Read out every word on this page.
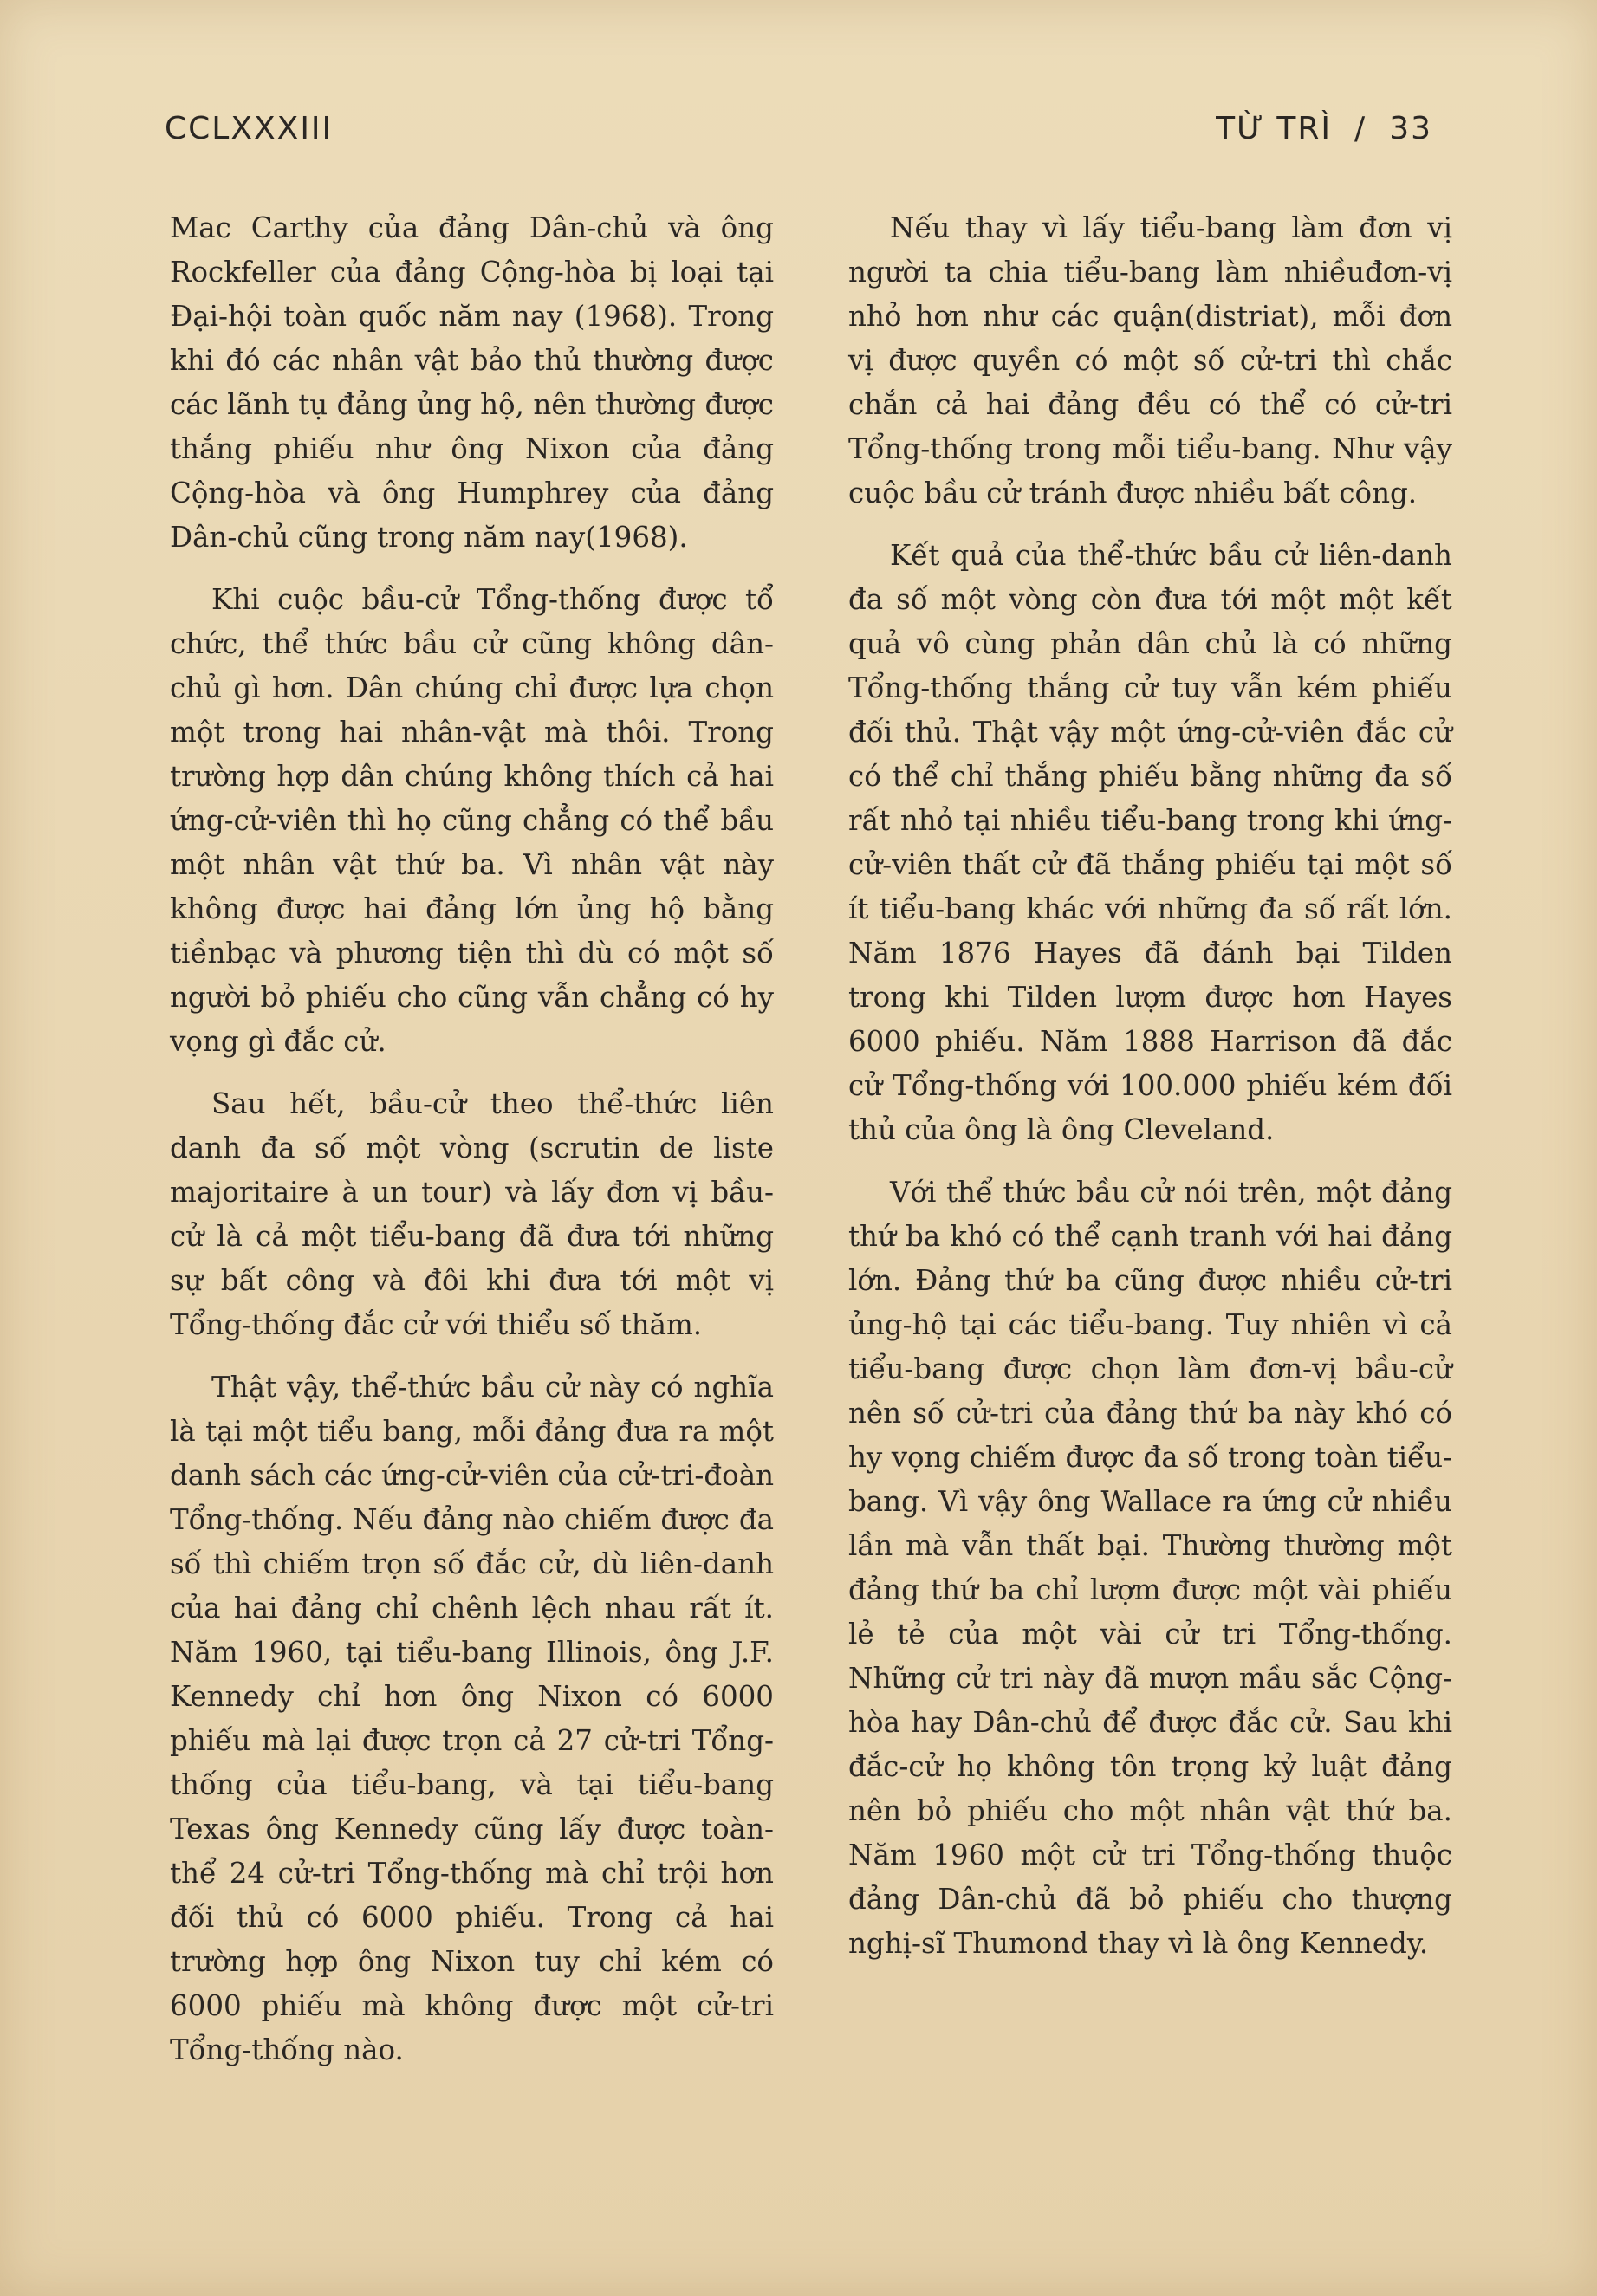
CCLXXXIII	TỪ TRÌ / 33

Mac Carthy của đảng Dân-chủ và ông Rockfeller của đảng Cộng-hòa bị loại tại Đại-hội toàn quốc năm nay (1968). Trong khi đó các nhân vật bảo thủ thường được các lãnh tụ đảng ủng hộ, nên thường được thắng phiếu như ông Nixon của đảng Cộng-hòa và ông Humphrey của đảng Dân-chủ cũng trong năm nay(1968).

Khi cuộc bầu-cử Tổng-thống được tổ chức, thể thức bầu cử cũng không dân-chủ gì hơn. Dân chúng chỉ được lựa chọn một trong hai nhân-vật mà thôi. Trong trường hợp dân chúng không thích cả hai ứng-cử-viên thì họ cũng chẳng có thể bầu một nhân vật thứ ba. Vì nhân vật này không được hai đảng lớn ủng hộ bằng tiềnbạc và phương tiện thì dù có một số người bỏ phiếu cho cũng vẫn chẳng có hy vọng gì đắc cử.

Sau hết, bầu-cử theo thể-thức liên danh đa số một vòng (scrutin de liste majoritaire à un tour) và lấy đơn vị bầu-cử là cả một tiểu-bang đã đưa tới những sự bất công và đôi khi đưa tới một vị Tổng-thống đắc cử với thiểu số thăm.

Thật vậy, thể-thức bầu cử này có nghĩa là tại một tiểu bang, mỗi đảng đưa ra một danh sách các ứng-cử-viên của cử-tri-đoàn Tổng-thống. Nếu đảng nào chiếm được đa số thì chiếm trọn số đắc cử, dù liên-danh của hai đảng chỉ chênh lệch nhau rất ít. Năm 1960, tại tiểu-bang Illinois, ông J.F. Kennedy chỉ hơn ông Nixon có 6000 phiếu mà lại được trọn cả 27 cử-tri Tổng-thống của tiểu-bang, và tại tiểu-bang Texas ông Kennedy cũng lấy được toàn-thể 24 cử-tri Tổng-thống mà chỉ trội hơn đối thủ có 6000 phiếu. Trong cả hai trường hợp ông Nixon tuy chỉ kém có 6000 phiếu mà không được một cử-tri Tổng-thống nào.

Nếu thay vì lấy tiểu-bang làm đơn vị người ta chia tiểu-bang làm nhiềuđơn-vị nhỏ hơn như các quận(distriat), mỗi đơn vị được quyền có một số cử-tri thì chắc chắn cả hai đảng đều có thể có cử-tri Tổng-thống trong mỗi tiểu-bang. Như vậy cuộc bầu cử tránh được nhiều bất công.

Kết quả của thể-thức bầu cử liên-danh đa số một vòng còn đưa tới một một kết quả vô cùng phản dân chủ là có những Tổng-thống thắng cử tuy vẫn kém phiếu đối thủ. Thật vậy một ứng-cử-viên đắc cử có thể chỉ thắng phiếu bằng những đa số rất nhỏ tại nhiều tiểu-bang trong khi ứng-cử-viên thất cử đã thắng phiếu tại một số ít tiểu-bang khác với những đa số rất lớn. Năm 1876 Hayes đã đánh bại Tilden trong khi Tilden lượm được hơn Hayes 6000 phiếu. Năm 1888 Harrison đã đắc cử Tổng-thống với 100.000 phiếu kém đối thủ của ông là ông Cleveland.

Với thể thức bầu cử nói trên, một đảng thứ ba khó có thể cạnh tranh với hai đảng lớn. Đảng thứ ba cũng được nhiều cử-tri ủng-hộ tại các tiểu-bang. Tuy nhiên vì cả tiểu-bang được chọn làm đơn-vị bầu-cử nên số cử-tri của đảng thứ ba này khó có hy vọng chiếm được đa số trong toàn tiểu-bang. Vì vậy ông Wallace ra ứng cử nhiều lần mà vẫn thất bại. Thường thường một đảng thứ ba chỉ lượm được một vài phiếu lẻ tẻ của một vài cử tri Tổng-thống. Những cử tri này đã mượn mầu sắc Cộng-hòa hay Dân-chủ để được đắc cử. Sau khi đắc-cử họ không tôn trọng kỷ luật đảng nên bỏ phiếu cho một nhân vật thứ ba. Năm 1960 một cử tri Tổng-thống thuộc đảng Dân-chủ đã bỏ phiếu cho thượng nghị-sĩ Thumond thay vì là ông Kennedy.
